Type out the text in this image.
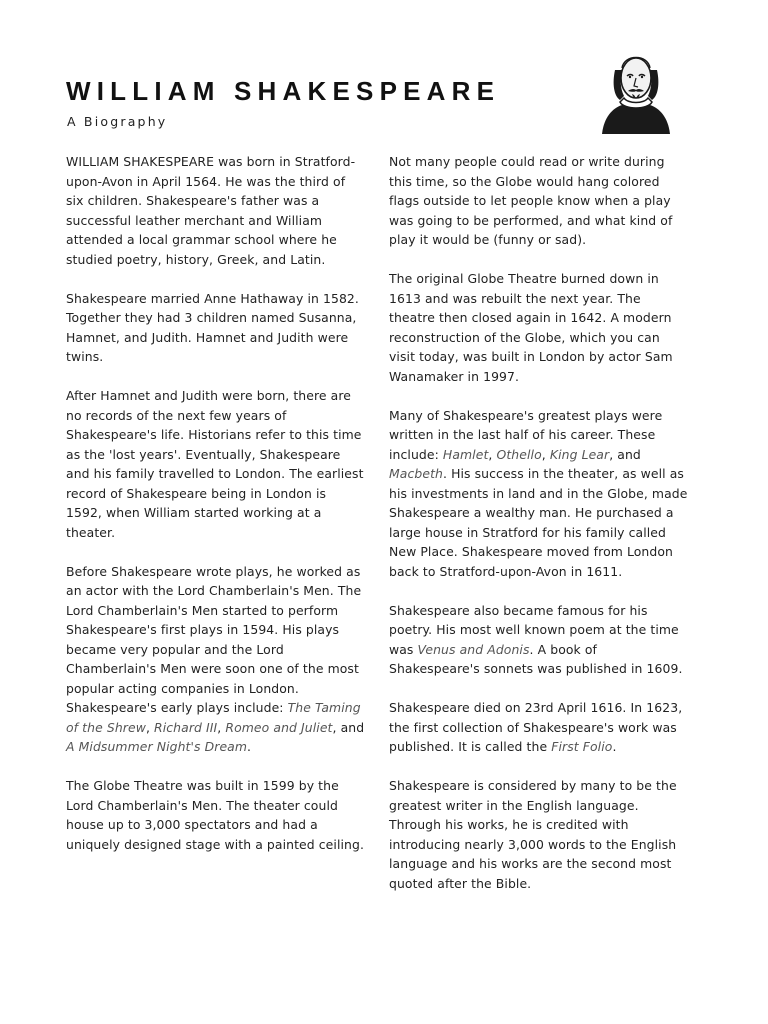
WILLIAM SHAKESPEARE
A Biography

WILLIAM SHAKESPEARE was born in Stratford-upon-Avon in April 1564. He was the third of six children. Shakespeare's father was a successful leather merchant and William attended a local grammar school where he studied poetry, history, Greek, and Latin.

Shakespeare married Anne Hathaway in 1582. Together they had 3 children named Susanna, Hamnet, and Judith. Hamnet and Judith were twins.

After Hamnet and Judith were born, there are no records of the next few years of Shakespeare's life. Historians refer to this time as the 'lost years'. Eventually, Shakespeare and his family travelled to London. The earliest record of Shakespeare being in London is 1592, when William started working at a theater.

Before Shakespeare wrote plays, he worked as an actor with the Lord Chamberlain's Men. The Lord Chamberlain's Men started to perform Shakespeare's first plays in 1594. His plays became very popular and the Lord Chamberlain's Men were soon one of the most popular acting companies in London. Shakespeare's early plays include: The Taming of the Shrew, Richard III, Romeo and Juliet, and A Midsummer Night's Dream.

The Globe Theatre was built in 1599 by the Lord Chamberlain's Men. The theater could house up to 3,000 spectators and had a uniquely designed stage with a painted ceiling.

Not many people could read or write during this time, so the Globe would hang colored flags outside to let people know when a play was going to be performed, and what kind of play it would be (funny or sad).

The original Globe Theatre burned down in 1613 and was rebuilt the next year. The theatre then closed again in 1642. A modern reconstruction of the Globe, which you can visit today, was built in London by actor Sam Wanamaker in 1997.

Many of Shakespeare's greatest plays were written in the last half of his career. These include: Hamlet, Othello, King Lear, and Macbeth. His success in the theater, as well as his investments in land and in the Globe, made Shakespeare a wealthy man. He purchased a large house in Stratford for his family called New Place. Shakespeare moved from London back to Stratford-upon-Avon in 1611.

Shakespeare also became famous for his poetry. His most well known poem at the time was Venus and Adonis. A book of Shakespeare's sonnets was published in 1609.

Shakespeare died on 23rd April 1616. In 1623, the first collection of Shakespeare's work was published. It is called the First Folio.

Shakespeare is considered by many to be the greatest writer in the English language. Through his works, he is credited with introducing nearly 3,000 words to the English language and his works are the second most quoted after the Bible.
